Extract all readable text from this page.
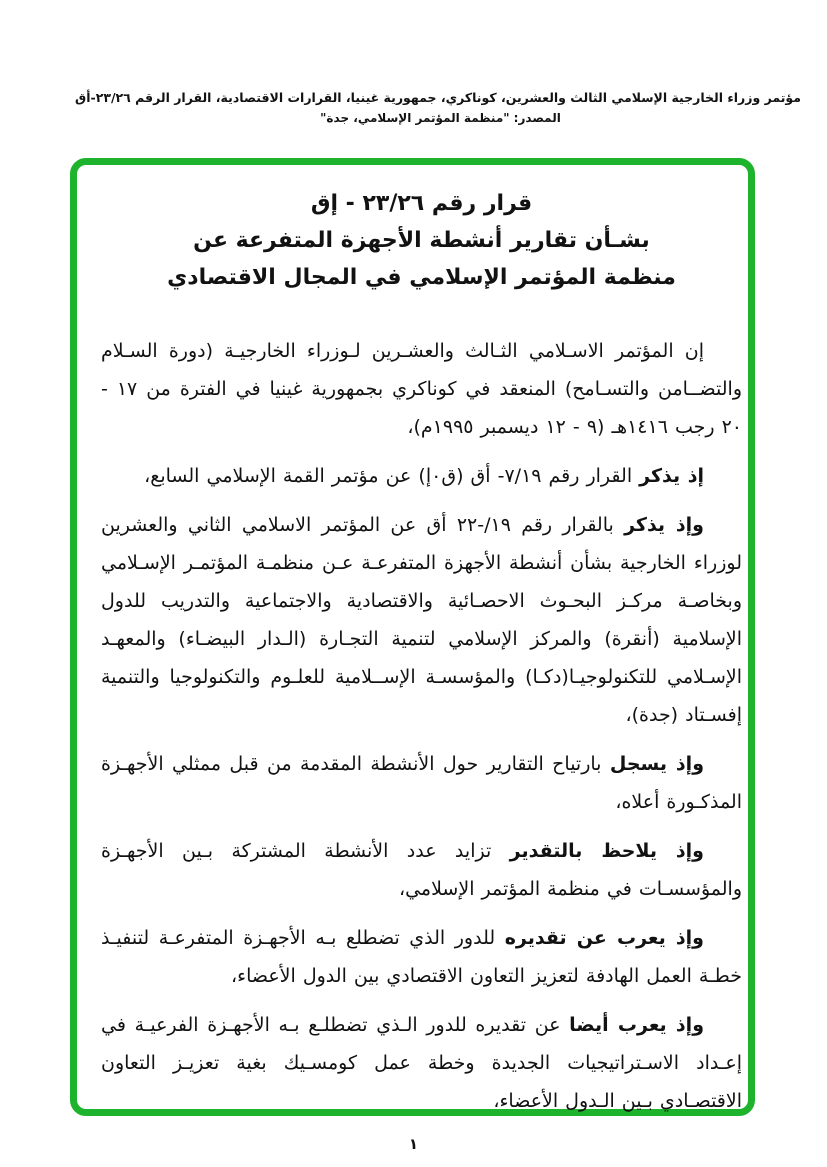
مؤتمر وزراء الخارجية الإسلامي الثالث والعشرين، كوناكري، جمهورية غينيا، القرارات الاقتصادية، القرار الرقم ٢٣/٢٦-أق
المصدر: "منظمة المؤتمر الإسلامي، جدة"
قرار رقم ٢٣/٢٦ - إق
بشـأن تقارير أنشطة الأجهزة المتفرعة عن
منظمة المؤتمر الإسلامي في المجال الاقتصادي

إن المؤتمر الاسـلامي الثـالث والعشـرين لـوزراء الخارجيـة (دورة السـلام والتضــامن والتسـامح) المنعقد في كوناكري بجمهورية غينيا في الفترة من ١٧ - ٢٠ رجب ١٤١٦هـ (٩ - ١٢ ديسمبر ١٩٩٥م)،

إذ يذكر القرار رقم ٧/١٩- أق (ق٠إ) عن مؤتمر القمة الإسلامي السابع،

وإذ يذكر بالقرار رقم ١٩/-٢٢ أق عن المؤتمر الاسلامي الثاني والعشرين لوزراء الخارجية بشأن أنشطة الأجهزة المتفرعـة عـن منظمـة المؤتمـر الإسـلامي وبخاصـة مركـز البحـوث الاحصـائية والاقتصادية والاجتماعية والتدريب للدول الإسلامية (أنقرة) والمركز الإسلامي لتنمية التجـارة (الـدار البيضـاء) والمعهـد الإسـلامي للتكنولوجيـا(دكـا) والمؤسسـة الإســلامية للعلـوم والتكنولوجيا والتنمية إفسـتاد (جدة)،

وإذ يسجل بارتياح التقارير حول الأنشطة المقدمة من قبل ممثلي الأجهـزة المذكـورة أعلاه،

وإذ يلاحظ بالتقدير تزايد عدد الأنشطة المشتركة بـين الأجهـزة والمؤسسـات في منظمة المؤتمر الإسلامي،

وإذ يعرب عن تقديره للدور الذي تضطلع بـه الأجهـزة المتفرعـة لتنفيـذ خطـة العمل الهادفة لتعزيز التعاون الاقتصادي بين الدول الأعضاء،

وإذ يعرب أيضا عن تقديره للدور الـذي تضطلـع بـه الأجهـزة الفرعيـة في إعـداد الاسـتراتيجيات الجديدة وخطة عمل كومسـيك بغية تعزيـز التعاون الاقتصـادي بـين الـدول الأعضاء،

١
